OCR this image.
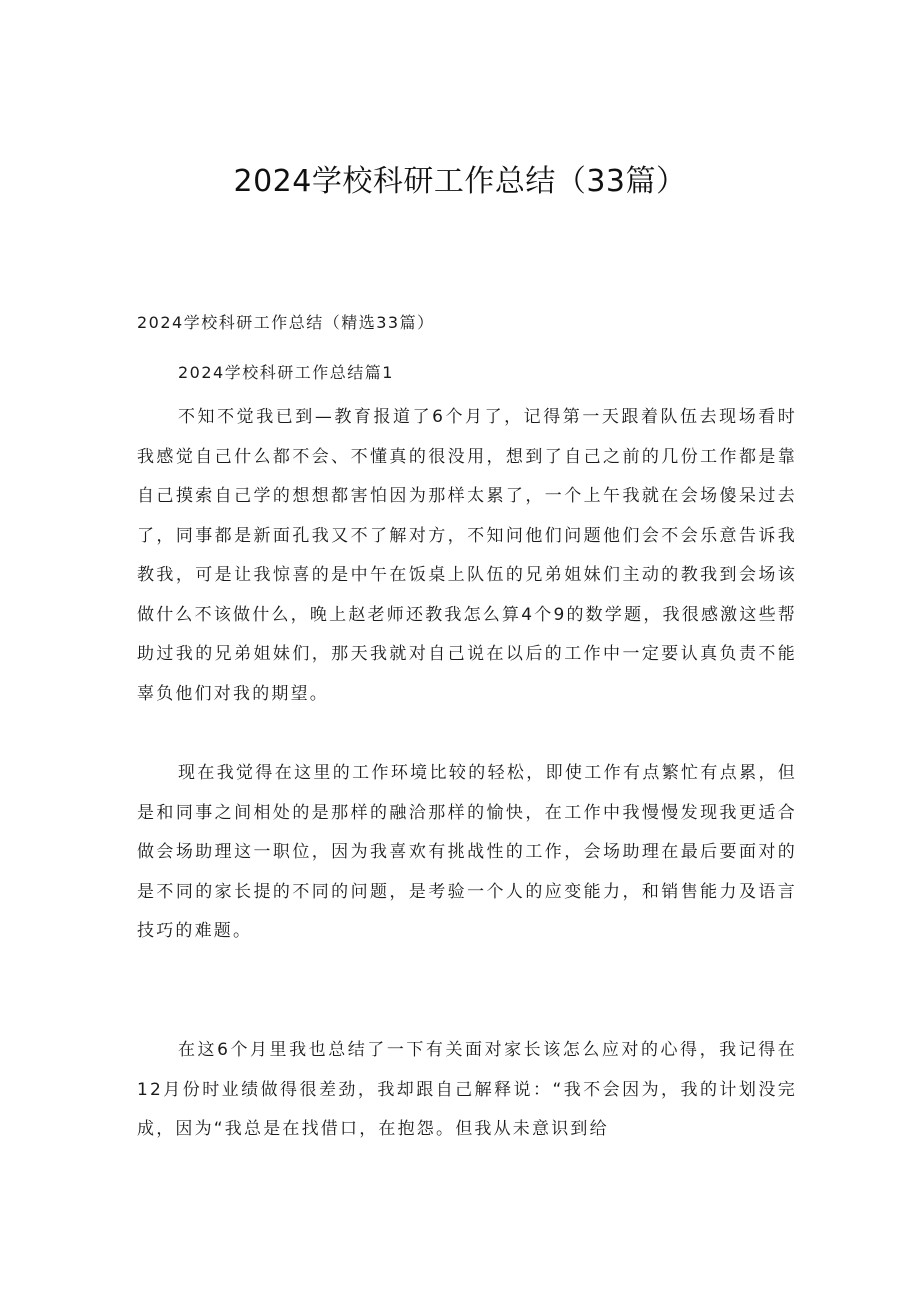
2024学校科研工作总结（33篇）
2024学校科研工作总结（精选33篇）
2024学校科研工作总结篇1

不知不觉我已到—教育报道了6个月了，记得第一天跟着队伍去现场看时我感觉自己什么都不会、不懂真的很没用，想到了自己之前的几份工作都是靠自己摸索自己学的想想都害怕因为那样太累了，一个上午我就在会场傻呆过去了，同事都是新面孔我又不了解对方，不知问他们问题他们会不会乐意告诉我教我，可是让我惊喜的是中午在饭桌上队伍的兄弟姐妹们主动的教我到会场该做什么不该做什么，晚上赵老师还教我怎么算4个9的数学题，我很感激这些帮助过我的兄弟姐妹们，那天我就对自己说在以后的工作中一定要认真负责不能辜负他们对我的期望。

现在我觉得在这里的工作环境比较的轻松，即使工作有点繁忙有点累，但是和同事之间相处的是那样的融洽那样的愉快，在工作中我慢慢发现我更适合做会场助理这一职位，因为我喜欢有挑战性的工作，会场助理在最后要面对的是不同的家长提的不同的问题，是考验一个人的应变能力，和销售能力及语言技巧的难题。

在这6个月里我也总结了一下有关面对家长该怎么应对的心得，我记得在12月份时业绩做得很差劲，我却跟自己解释说：“我不会因为，我的计划没完成，因为“我总是在找借口，在抱怨。但我从未意识到给
